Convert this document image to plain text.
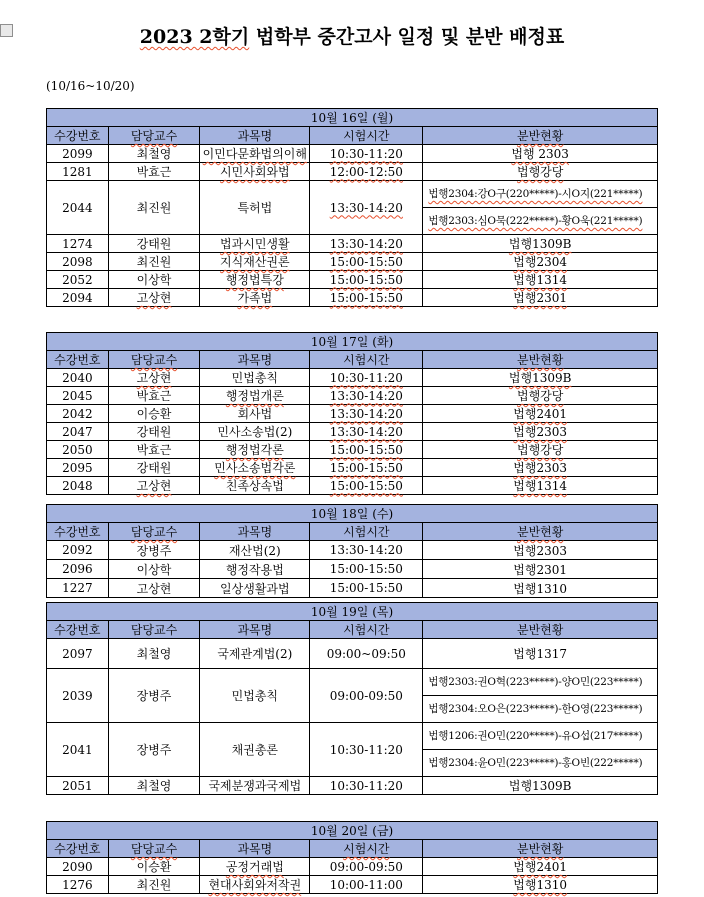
2023 2학기 법학부 중간고사 일정 및 분반 배정표
(10/16~10/20)
10월 16일 (월)				
수강번호	담당교수	과목명	시험시간	분반현황
2099	최철영	이민다문화법의이해	10:30-11:20	법행 2303
1281	박효근	시민사회와법	12:00-12:50	법행강당
2044	최진원	특허법	13:30-14:20	법행2304:강O구(220*****)-시O지(221*****)
법행2303:심O묵(222*****)-황O욱(221*****)

1274	강태원	법과시민생활	13:30-14:20	법행1309B
2098	최진원	지식재산권론	15:00-15:50	법행2304
2052	이상학	행정법특강	15:00-15:50	법행1314
2094	고상현	가족법	15:00-15:50	법행2301
10월 17일 (화)				
수강번호	담당교수	과목명	시험시간	분반현황
2040	고상현	민법총칙	10:30-11:20	법행1309B
2045	박효근	행정법개론	13:30-14:20	법행강당
2042	이승환	회사법	13:30-14:20	법행2401
2047	강태원	민사소송법(2)	13:30-14:20	법행2303
2050	박효근	행정법각론	15:00-15:50	법행강당
2095	강태원	민사소송법각론	15:00-15:50	법행2303
2048	고상현	친족상속법	15:00-15:50	법행1314
10월 18일 (수)				
수강번호	담당교수	과목명	시험시간	분반현황
2092	장병주	재산법(2)	13:30-14:20	법행2303
2096	이상학	행정작용법	15:00-15:50	법행2301
1227	고상현	일상생활과법	15:00-15:50	법행1310
10월 19일 (목)				
수강번호	담당교수	과목명	시험시간	분반현황
2097	최철영	국제관계법(2)	09:00~09:50	법행1317
2039	장병주	민법총칙	09:00-09:50	법행2303:권O혁(223*****)-양O민(223*****)
법행2304:오O은(223*****)-한O영(223*****)

2041	장병주	채권총론	10:30-11:20	법행1206:권O민(220*****)-유O섭(217*****)
법행2304:윤O민(223*****)-홍O빈(222*****)

2051	최철영	국제분쟁과국제법	10:30-11:20	법행1309B
10월 20일 (금)				
수강번호	담당교수	과목명	시험시간	분반현황
2090	이승환	공정거래법	09:00-09:50	법행2401
1276	최진원	현대사회와저작권	10:00-11:00	법행1310
